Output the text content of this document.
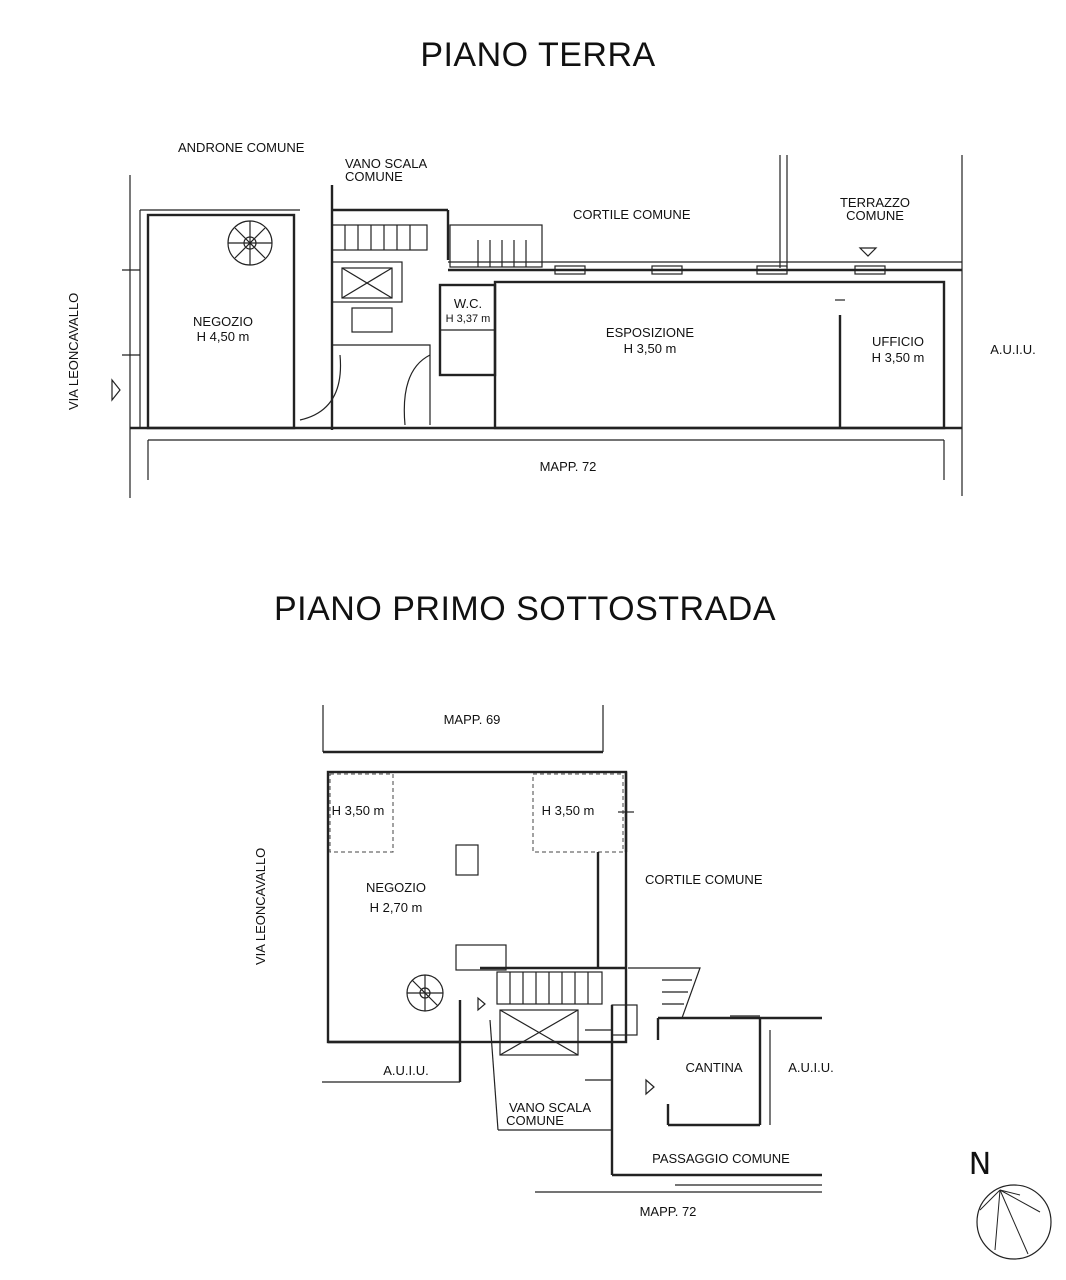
PIANO TERRA
ANDRONE COMUNE
VANO SCALA
COMUNE
CORTILE COMUNE
TERRAZZO
COMUNE
VIA LEONCAVALLO	NEGOZIO
H 4,50 m
W.C.
H 3,37 m
ESPOSIZIONE
H 3,50 m	UFFICIO
H 3,50 m
A.U.I.U.
MAPP. 72
PIANO PRIMO SOTTOSTRADA
MAPP. 69
H 3,50 m	H 3,50 m
VIA LEONCAVALLO	NEGOZIO
H 2,70 m
CORTILE COMUNE
A.U.I.U.	CANTINA	A.U.I.U.
VANO SCALA
COMUNE
PASSAGGIO COMUNE
MAPP. 72
N
